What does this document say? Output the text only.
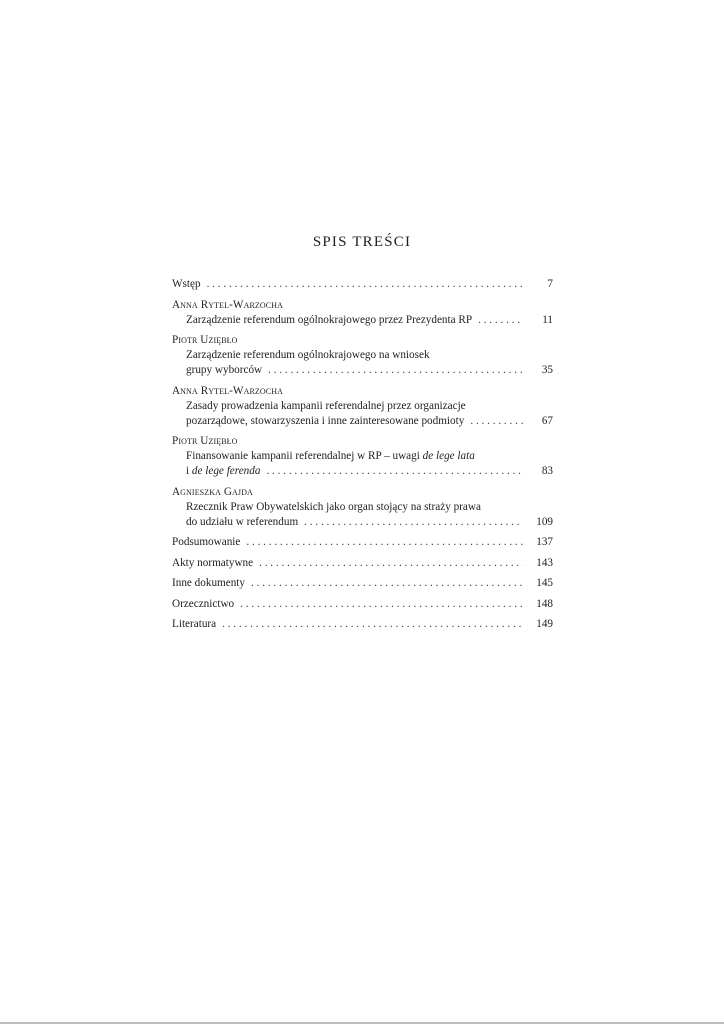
SPIS TREŚCI
Wstęp . . .	7
Anna Rytel-Warzocha
Zarządzenie referendum ogólnokrajowego przez Prezydenta RP . . .	11
Piotr Uziębło
Zarządzenie referendum ogólnokrajowego na wniosek
grupy wyborców . . .	35
Anna Rytel-Warzocha
Zasady prowadzenia kampanii referendalnej przez organizacje
pozarządowe, stowarzyszenia i inne zainteresowane podmioty . . .	67
Piotr Uziębło
Finansowanie kampanii referendalnej w RP – uwagi de lege lata
i de lege ferenda . . .	83
Agnieszka Gajda
Rzecznik Praw Obywatelskich jako organ stojący na straży prawa
do udziału w referendum . . .	109
Podsumowanie . . .	137
Akty normatywne . . .	143
Inne dokumenty . . .	145
Orzecznictwo . . .	148
Literatura . . .	149
